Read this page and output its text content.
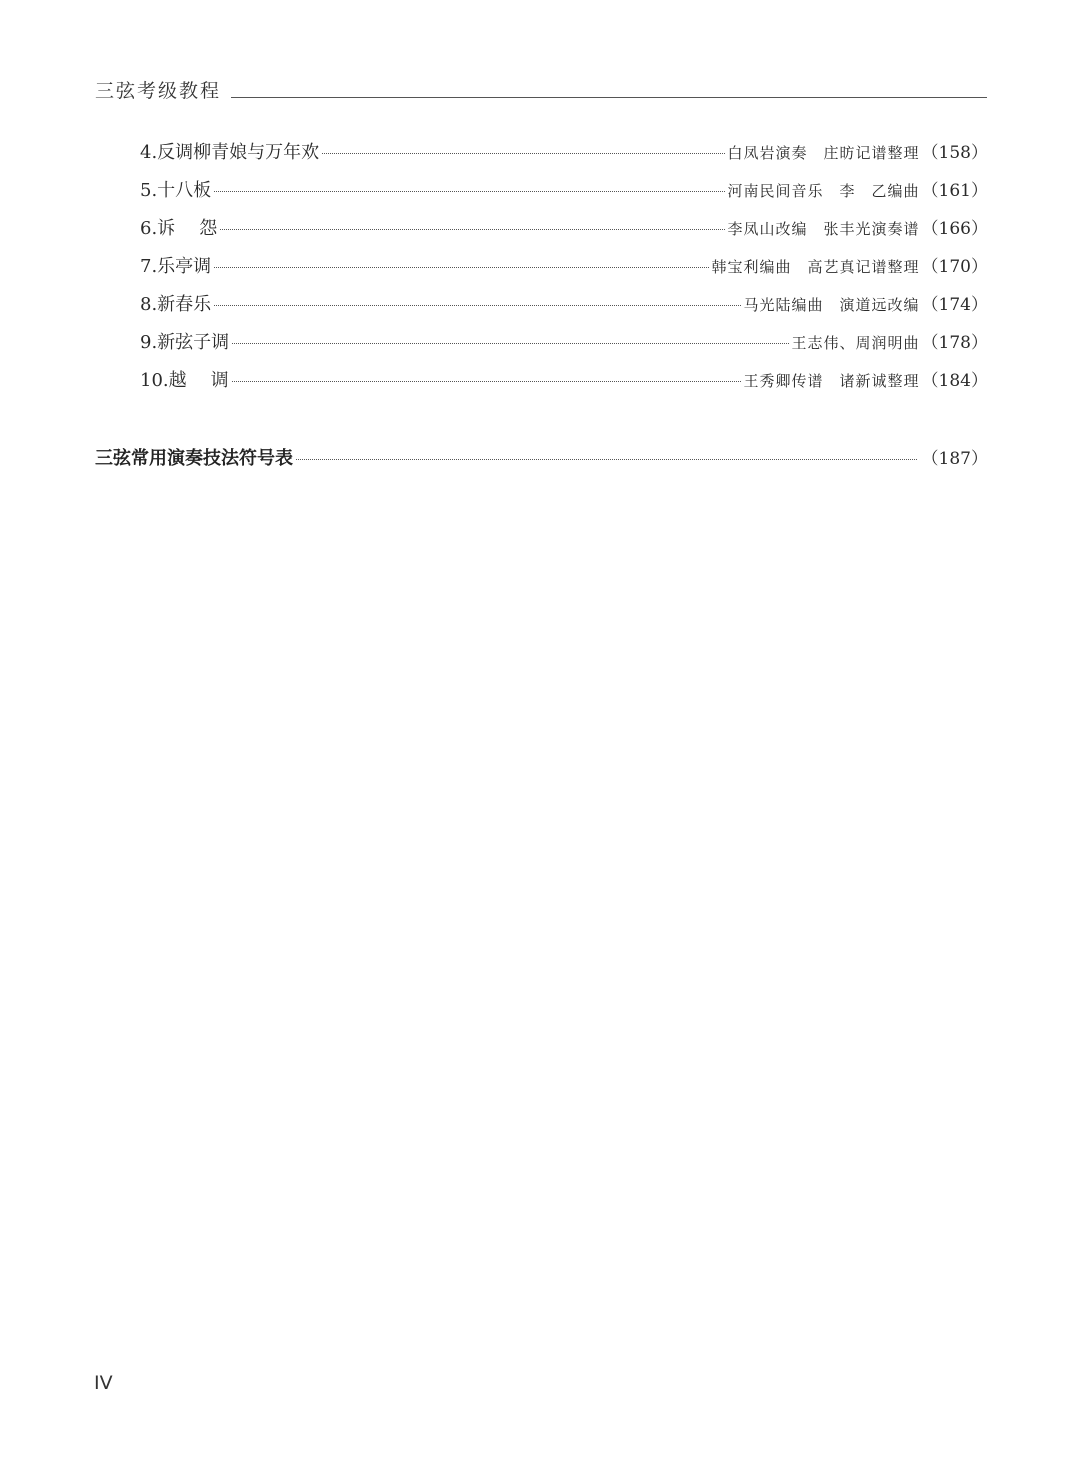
三弦考级教程
4.反调柳青娘与万年欢	白凤岩演奏 庄昉记谱整理 （158）
5.十八板	河南民间音乐 李　乙编曲 （161）
6.诉 怨	李凤山改编 张丰光演奏谱 （166）
7.乐亭调	韩宝利编曲 高艺真记谱整理 （170）
8.新春乐	马光陆编曲 演道远改编 （174）
9.新弦子调	王志伟、周润明曲 （178）
10.越 调	王秀卿传谱 诸新诚整理 （184）
三弦常用演奏技法符号表	（187）
IV
